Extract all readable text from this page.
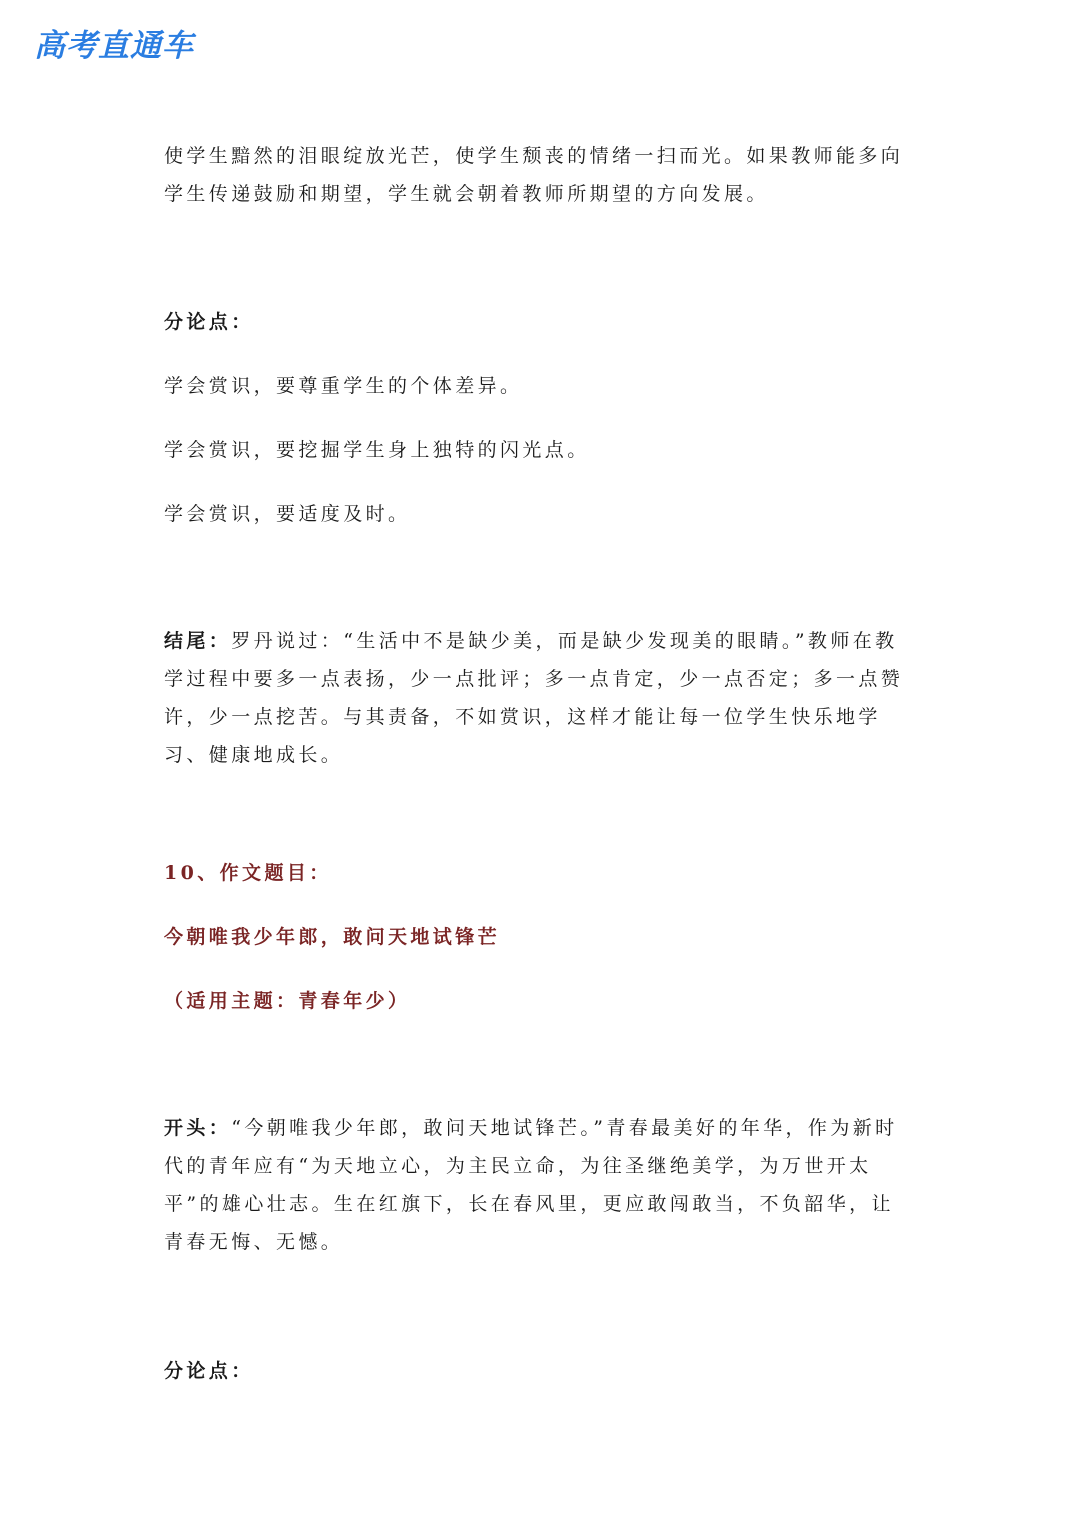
高考直通车

使学生黯然的泪眼绽放光芒，使学生颓丧的情绪一扫而光。如果教师能多向学生传递鼓励和期望，学生就会朝着教师所期望的方向发展。

分论点：

学会赏识，要尊重学生的个体差异。

学会赏识，要挖掘学生身上独特的闪光点。

学会赏识，要适度及时。

结尾：罗丹说过：“生活中不是缺少美，而是缺少发现美的眼睛。”教师在教学过程中要多一点表扬，少一点批评；多一点肯定，少一点否定；多一点赞许，少一点挖苦。与其责备，不如赏识，这样才能让每一位学生快乐地学习、健康地成长。

10、作文题目：

今朝唯我少年郎，敢问天地试锋芒

（适用主题：青春年少）

开头：“今朝唯我少年郎，敢问天地试锋芒。”青春最美好的年华，作为新时代的青年应有“为天地立心，为主民立命，为往圣继绝美学，为万世开太平”的雄心壮志。生在红旗下，长在春风里，更应敢闯敢当，不负韶华，让青春无悔、无憾。

分论点：
